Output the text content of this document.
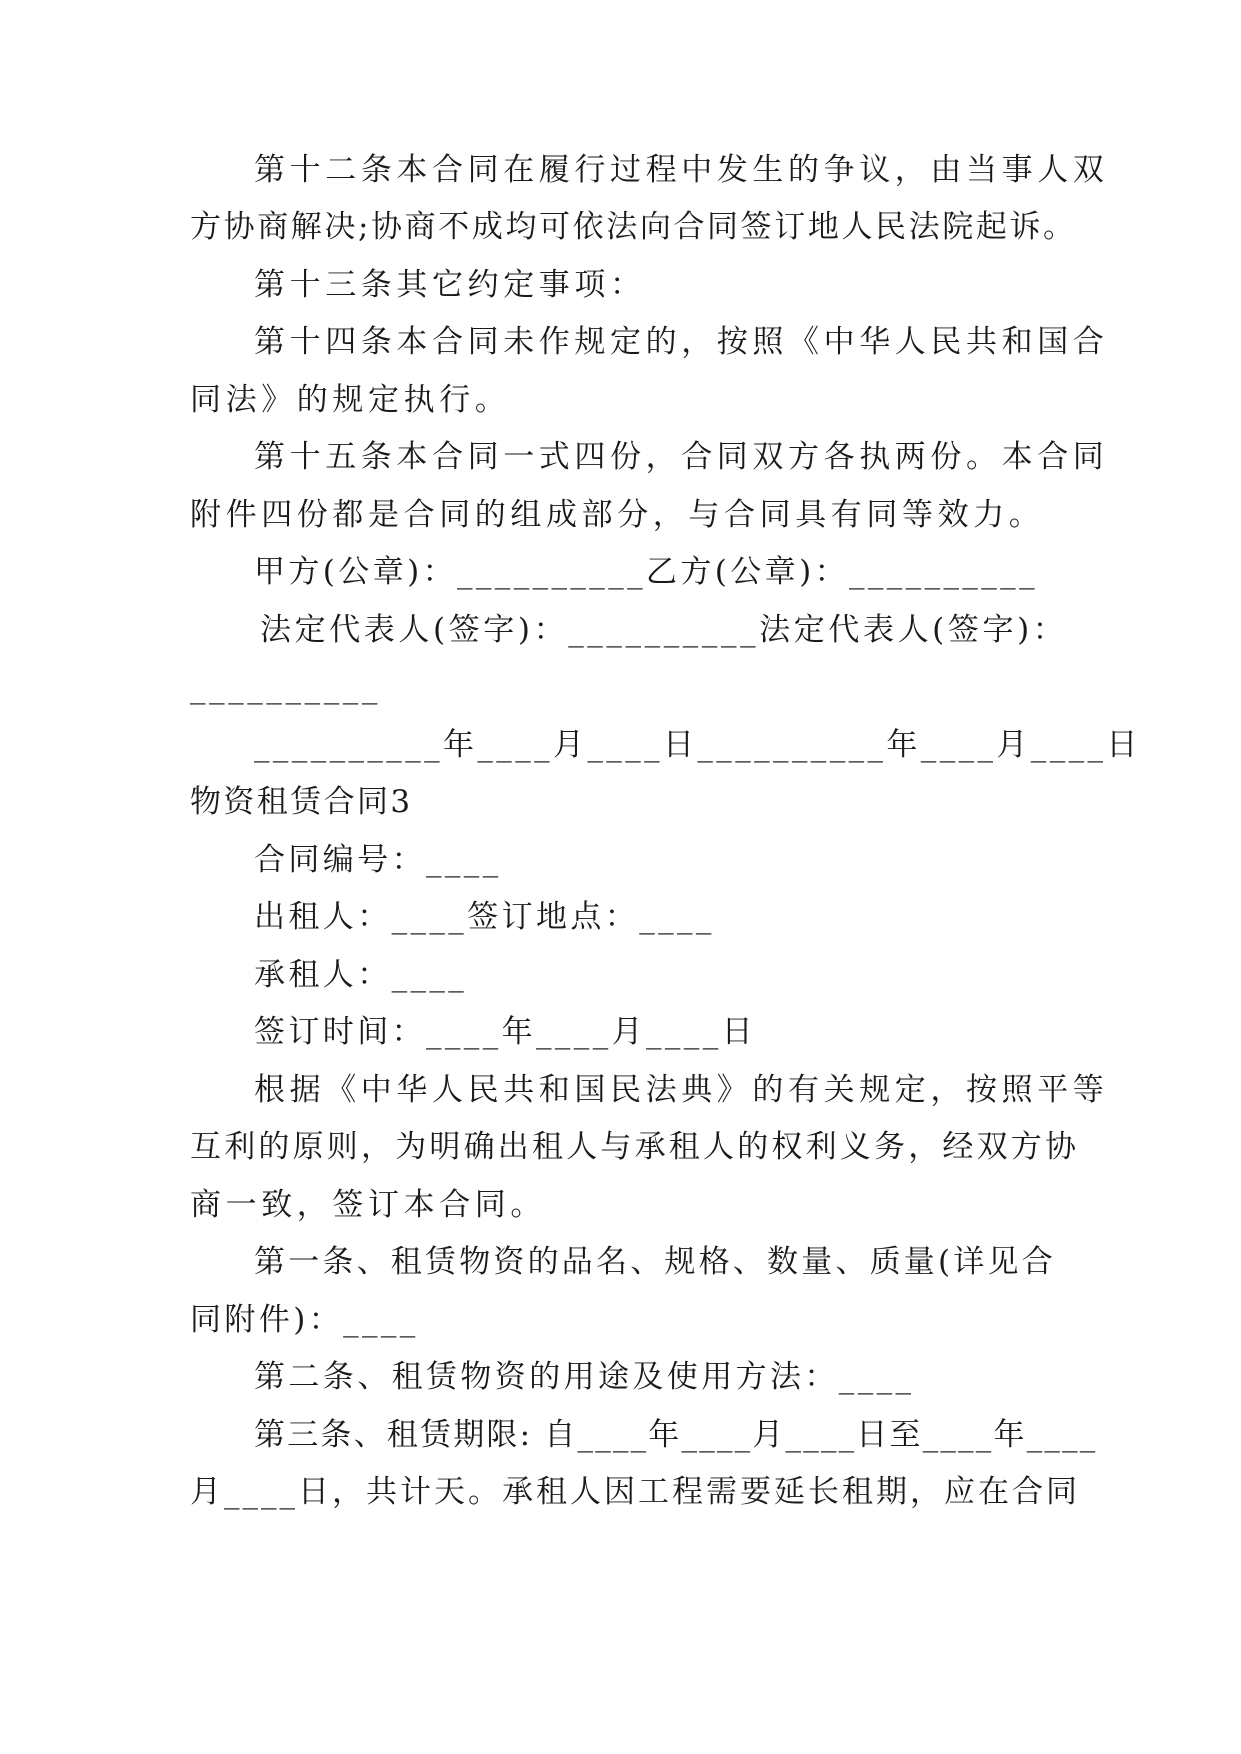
第十二条本合同在履行过程中发生的争议，由当事人双
方协商解决;协商不成均可依法向合同签订地人民法院起诉。
第十三条其它约定事项：
第十四条本合同未作规定的，按照《中华人民共和国合
同法》的规定执行。
第十五条本合同一式四份，合同双方各执两份。本合同
附件四份都是合同的组成部分，与合同具有同等效力。
甲方(公章)：__________乙方(公章)：__________
法定代表人(签字)：__________法定代表人(签字)：
__________
__________年____月____日__________年____月____日
物资租赁合同3
合同编号：____
出租人：____签订地点：____
承租人：____
签订时间：____年____月____日
根据《中华人民共和国民法典》的有关规定，按照平等
互利的原则，为明确出租人与承租人的权利义务，经双方协
商一致，签订本合同。
第一条、租赁物资的品名、规格、数量、质量(详见合
同附件)：____
第二条、租赁物资的用途及使用方法：____
第三条、租赁期限: 自____年____月____日至____年____
月____日，共计天。承租人因工程需要延长租期，应在合同
